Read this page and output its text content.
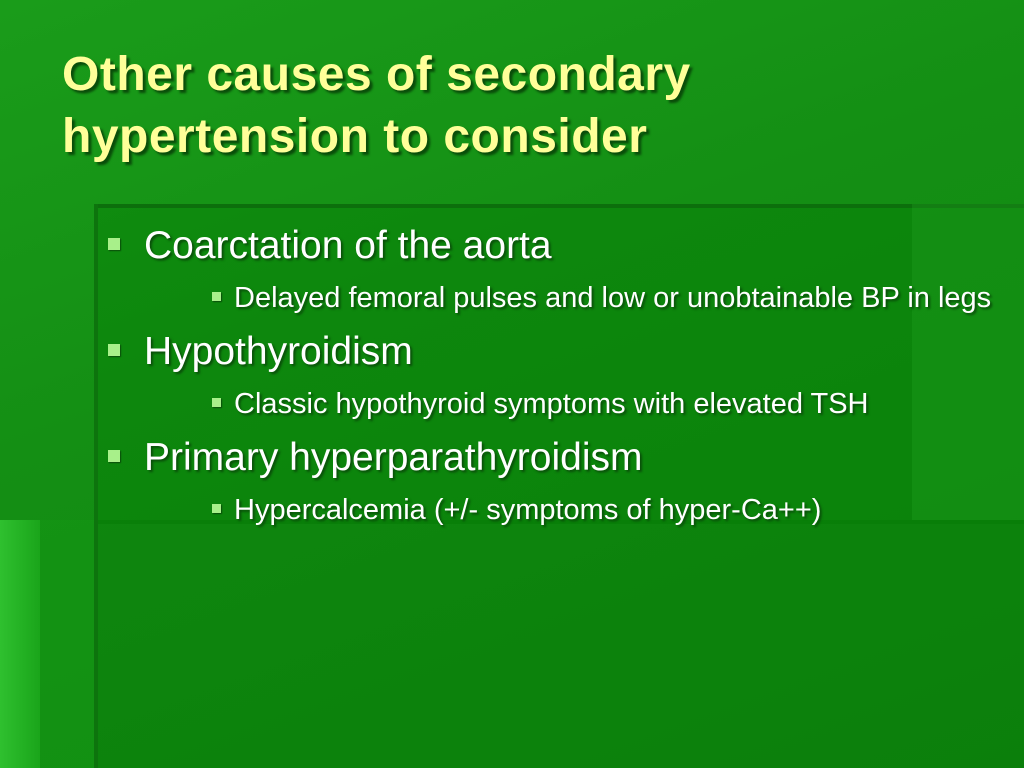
Other causes of secondary hypertension to consider
Coarctation of the aorta
Delayed femoral pulses and low or unobtainable BP in legs
Hypothyroidism
Classic hypothyroid symptoms with elevated TSH
Primary hyperparathyroidism
Hypercalcemia (+/- symptoms of hyper-Ca++)
